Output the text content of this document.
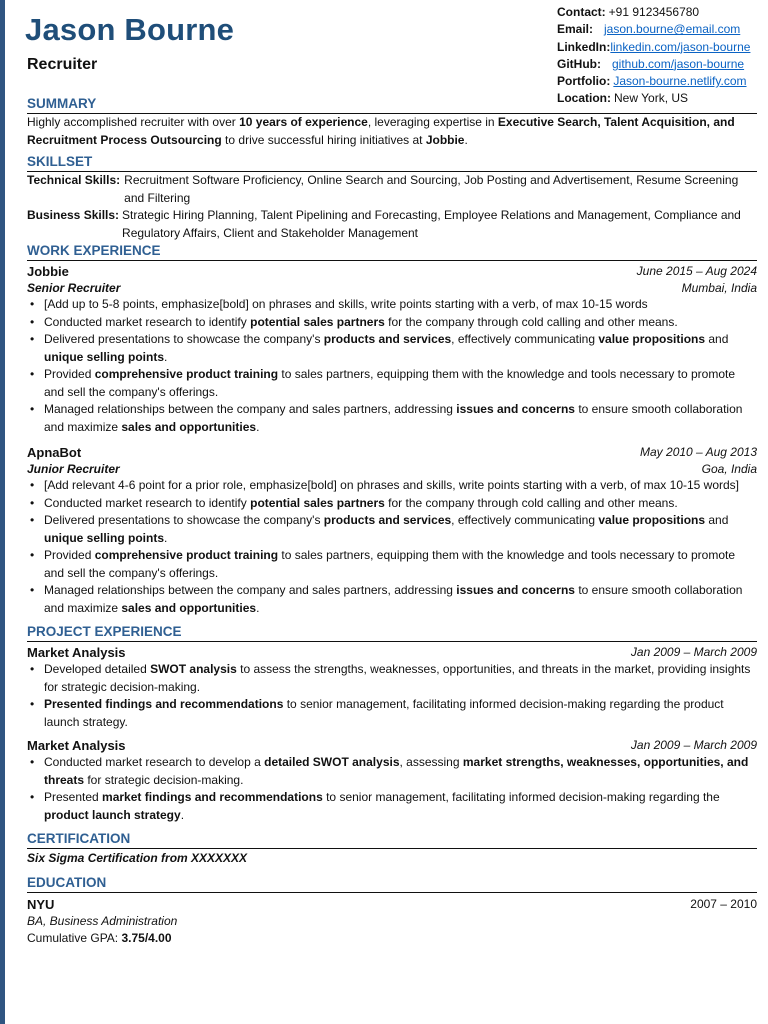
Jason Bourne
Recruiter
Contact: +91 9123456780
Email: jason.bourne@email.com
LinkedIn:linkedin.com/jason-bourne
GitHub: github.com/jason-bourne
Portfolio: Jason-bourne.netlify.com
Location: New York, US
SUMMARY
Highly accomplished recruiter with over 10 years of experience, leveraging expertise in Executive Search, Talent Acquisition, and Recruitment Process Outsourcing to drive successful hiring initiatives at Jobbie.
SKILLSET
Technical Skills: Recruitment Software Proficiency, Online Search and Sourcing, Job Posting and Advertisement, Resume Screening and Filtering
Business Skills: Strategic Hiring Planning, Talent Pipelining and Forecasting, Employee Relations and Management, Compliance and Regulatory Affairs, Client and Stakeholder Management
WORK EXPERIENCE
Jobbie	June 2015 – Aug 2024
Senior Recruiter	Mumbai, India
• [Add up to 5-8 points, emphasize[bold] on phrases and skills, write points starting with a verb, of max 10-15 words
• Conducted market research to identify potential sales partners for the company through cold calling and other means.
• Delivered presentations to showcase the company's products and services, effectively communicating value propositions and unique selling points.
• Provided comprehensive product training to sales partners, equipping them with the knowledge and tools necessary to promote and sell the company's offerings.
• Managed relationships between the company and sales partners, addressing issues and concerns to ensure smooth collaboration and maximize sales and opportunities.
ApnaBot	May 2010 – Aug 2013
Junior Recruiter	Goa, India
• [Add relevant 4-6 point for a prior role, emphasize[bold] on phrases and skills, write points starting with a verb, of max 10-15 words]
• Conducted market research to identify potential sales partners for the company through cold calling and other means.
• Delivered presentations to showcase the company's products and services, effectively communicating value propositions and unique selling points.
• Provided comprehensive product training to sales partners, equipping them with the knowledge and tools necessary to promote and sell the company's offerings.
• Managed relationships between the company and sales partners, addressing issues and concerns to ensure smooth collaboration and maximize sales and opportunities.
PROJECT EXPERIENCE
Market Analysis	Jan 2009 – March 2009
• Developed detailed SWOT analysis to assess the strengths, weaknesses, opportunities, and threats in the market, providing insights for strategic decision-making.
• Presented findings and recommendations to senior management, facilitating informed decision-making regarding the product launch strategy.
Market Analysis	Jan 2009 – March 2009
• Conducted market research to develop a detailed SWOT analysis, assessing market strengths, weaknesses, opportunities, and threats for strategic decision-making.
• Presented market findings and recommendations to senior management, facilitating informed decision-making regarding the product launch strategy.
CERTIFICATION
Six Sigma Certification from XXXXXXX
EDUCATION
NYU	2007 – 2010
BA, Business Administration
Cumulative GPA: 3.75/4.00
